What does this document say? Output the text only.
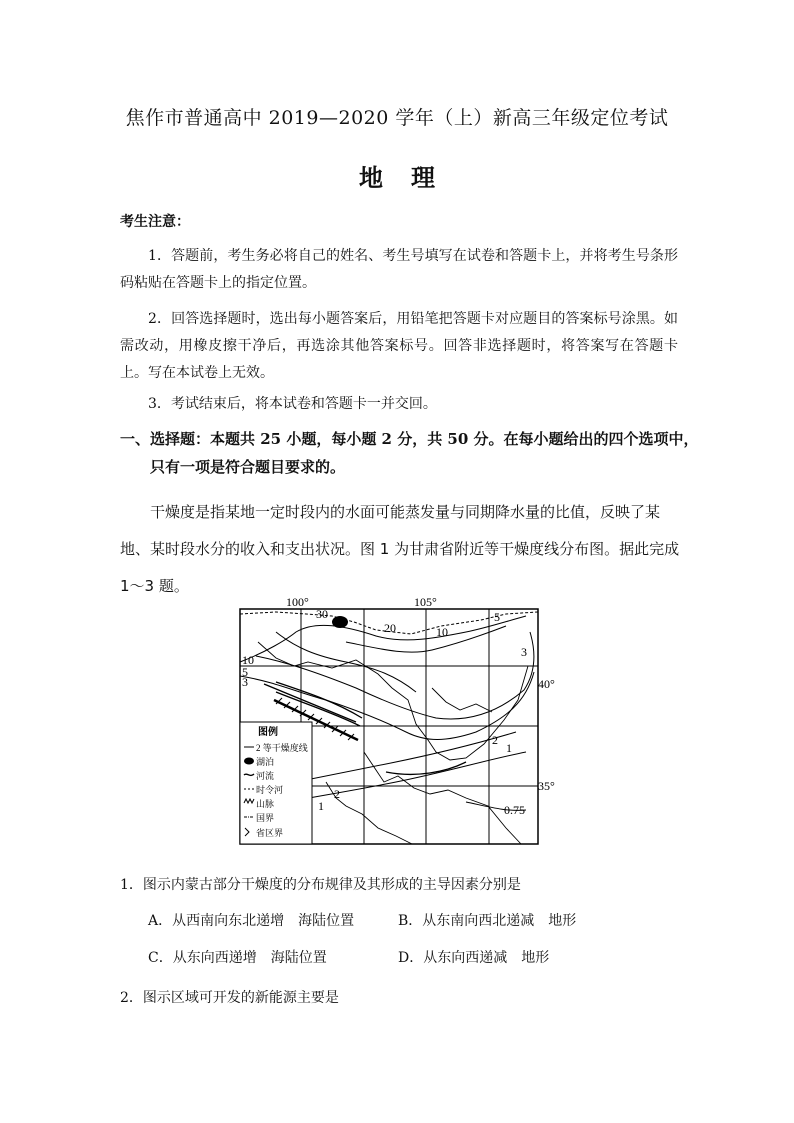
焦作市普通高中 2019—2020 学年（上）新高三年级定位考试
地理
考生注意：
1．答题前，考生务必将自己的姓名、考生号填写在试卷和答题卡上，并将考生号条形码粘贴在答题卡上的指定位置。
2．回答选择题时，选出每小题答案后，用铅笔把答题卡对应题目的答案标号涂黑。如需改动，用橡皮擦干净后，再选涂其他答案标号。回答非选择题时，将答案写在答题卡上。写在本试卷上无效。
3．考试结束后，将本试卷和答题卡一并交回。
一、选择题：本题共 25 小题，每小题 2 分，共 50 分。在每小题给出的四个选项中，只有一项是符合题目要求的。
干燥度是指某地一定时段内的水面可能蒸发量与同期降水量的比值，反映了某地、某时段水分的收入和支出状况。图 1 为甘肃省附近等干燥度线分布图。据此完成 1～3 题。
100°	105°
40°
35°
30
20	10
5
3
10
5
3
2
1
2
1	0.75
图例
2 等干燥度线
湖泊
河流
时令河
山脉
国界
省区界
1．图示内蒙古部分干燥度的分布规律及其形成的主导因素分别是
A．从西南向东北递增　海陆位置	B．从东南向西北递减　地形
C．从东向西递增　海陆位置	D．从东向西递减　地形
2．图示区域可开发的新能源主要是
